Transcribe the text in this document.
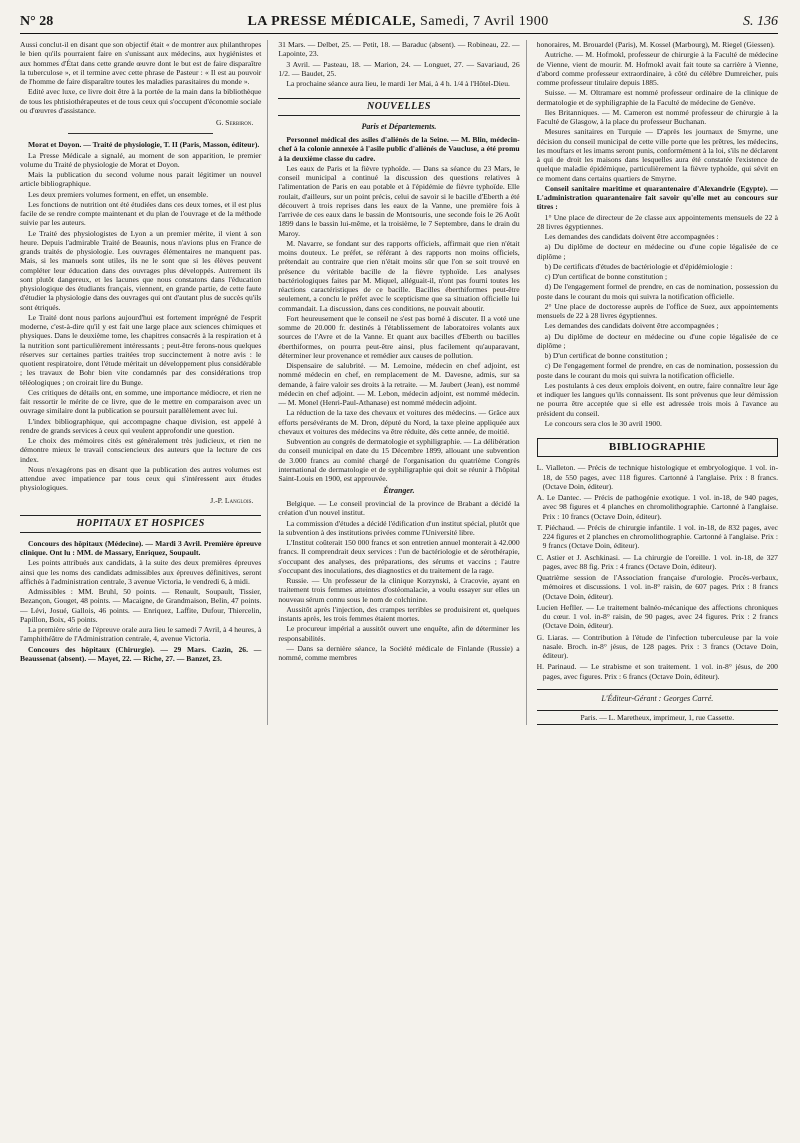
N° 28	LA PRESSE MÉDICALE, Samedi, 7 Avril 1900	S. 136

Aussi conclut-il en disant que son objectif était « de montrer aux philanthropes le bien qu'ils pourraient faire en s'unissant aux médecins, aux hygiénistes et aux hommes d'État dans cette grande œuvre dont le but est de faire disparaître la tuberculose », et il termine avec cette phrase de Pasteur : « Il est au pouvoir de l'homme de faire disparaître toutes les maladies parasitaires du monde ».

Edité avec luxe, ce livre doit être à la portée de la main dans la bibliothèque de tous les phtisiothérapeutes et de tous ceux qui s'occupent d'économie sociale ou d'œuvres d'assistance.

G. Serbiron.

Morat et Doyon. — Traité de physiologie, T. II (Paris, Masson, éditeur).

La Presse Médicale a signalé, au moment de son apparition, le premier volume du Traité de physiologie de Morat et Doyon.

Mais la publication du second volume nous parait légitimer un nouvel article bibliographique.

Les deux premiers volumes forment, en effet, un ensemble.

Les fonctions de nutrition ont été étudiées dans ces deux tomes, et il est plus facile de se rendre compte maintenant et du plan de l'ouvrage et de la méthode suivie par les auteurs.

Le Traité des physiologistes de Lyon a un premier mérite, il vient à son heure. Depuis l'admirable Traité de Beaunis, nous n'avions plus en France de grands traités de physiologie. Les ouvrages élémentaires ne manquent pas. Mais, si les manuels sont utiles, ils ne le sont que si les élèves peuvent compléter leur éducation dans des ouvrages plus développés. Autrement ils sont plutôt dangereux, et les lacunes que nous constatons dans l'éducation physiologique des étudiants français, viennent, en grande partie, de cette faute d'étudier la physiologie dans des ouvrages qui ont d'autant plus de succès qu'ils sont étriqués.

Le Traité dont nous parlons aujourd'hui est fortement imprégné de l'esprit moderne, c'est-à-dire qu'il y est fait une large place aux sciences chimiques et physiques. Dans le deuxième tome, les chapitres consacrés à la respiration et à la nutrition sont particulièrement intéressants ; peut-être ferons-nous quelques réserves sur certaines parties traitées trop succinctement à notre avis : le quotient respiratoire, dont l'étude méritait un développement plus considérable ; les travaux de Bohr bien vite condamnés par des considérations trop téléologiques ; on croirait lire du Bunge.

Ces critiques de détails ont, en somme, une importance médiocre, et rien ne fait ressortir le mérite de ce livre, que de le mettre en comparaison avec un ouvrage similaire dont la publication se poursuit parallèlement avec lui.

L'index bibliographique, qui accompagne chaque division, est appelé à rendre de grands services à ceux qui veulent approfondir une question.

Le choix des mémoires cités est généralement très judicieux, et rien ne démontre mieux le travail consciencieux des auteurs que la lecture de ces index.

Nous n'exagérons pas en disant que la publication des autres volumes est attendue avec impatience par tous ceux qui s'intéressent aux études physiologiques.

J.-P. Langlois.
HOPITAUX ET HOSPICES

Concours des hôpitaux (Médecine). — Mardi 3 Avril. Première épreuve clinique. Ont lu : MM. de Massary, Enriquez, Soupault.

Les points attribués aux candidats, à la suite des deux premières épreuves ainsi que les noms des candidats admissibles aux épreuves définitives, seront affichés à l'administration centrale, 3 avenue Victoria, le vendredi 6, à midi.

Admissibles : MM. Bruhl, 50 points. — Renault, Soupault, Tissier, Bezançon, Gouget, 48 points. — Macaigne, de Grandmaison, Belin, 47 points. — Lévi, Josué, Gallois, 46 points. — Enriquez, Laffite, Dufour, Thiercelin, Papillon, Boix, 45 points.

La première série de l'épreuve orale aura lieu le samedi 7 Avril, à 4 heures, à l'amphithéâtre de l'Administration centrale, 4, avenue Victoria.

Concours des hôpitaux (Chirurgie). — 29 Mars. Cazin, 26. — Beaussenat (absent). — Mayet, 22. — Riche, 27. — Banzet, 23.

31 Mars. — Delbet, 25. — Petit, 18. — Baraduc (absent). — Robineau, 22. — Lapointe, 23.

3 Avril. — Pasteau, 18. — Marion, 24. — Longuet, 27. — Savariaud, 26 1/2. — Baudet, 25.

La prochaine séance aura lieu, le mardi 1er Mai, à 4 h. 1/4 à l'Hôtel-Dieu.

NOUVELLES
Paris et Départements.

Personnel médical des asiles d'aliénés de la Seine. — M. Blin, médecin-chef à la colonie annexée à l'asile public d'aliénés de Vaucluse, a été promu à la deuxième classe du cadre.

Les eaux de Paris et la fièvre typhoïde. — Dans sa séance du 23 Mars, le conseil municipal a continué la discussion des questions relatives à l'alimentation de Paris en eau potable et à l'épidémie de fièvre typhoïde. Elle roulait, d'ailleurs, sur un point précis, celui de savoir si le bacille d'Eberth a été découvert à trois reprises dans les eaux de la Vanne, une première fois à l'arrivée de ces eaux dans le bassin de Montsouris, une seconde fois le 26 Août 1899 dans le bassin lui-même, et la troisième, le 7 Septembre, dans le drain du Maroy.

M. Navarre, se fondant sur des rapports officiels, affirmait que rien n'était moins douteux. Le préfet, se référant à des rapports non moins officiels, prétendait au contraire que rien n'était moins sûr que l'on se soit trouvé en présence du véritable bacille de la fièvre typhoïde. Les analyses bactériologiques faites par M. Miquel, alléguait-il, n'ont pas fourni toutes les réactions caractéristiques de ce bacille. Bacilles éberthiformes peut-être seulement, a conclu le préfet avec le scepticisme que sa situation officielle lui commandait. La discussion, dans ces conditions, ne pouvait aboutir.

Fort heureusement que le conseil ne s'est pas borné à discuter. Il a voté une somme de 20.000 fr. destinés à l'établissement de laboratoires volants aux sources de l'Avre et de la Vanne. Et quant aux bacilles d'Eberth ou bacilles éberthiformes, on pourra peut-être ainsi, plus facilement qu'auparavant, déterminer leur provenance et remédier aux causes de pollution.

Dispensaire de salubrité. — M. Lemoine, médecin en chef adjoint, est nommé médecin en chef, en remplacement de M. Davesne, admis, sur sa demande, à faire valoir ses droits à la retraite. — M. Jaubert (Jean), est nommé médecin en chef adjoint. — M. Lebon, médecin adjoint, est nommé médecin. — M. Monel (Henri-Paul-Athanase) est nommé médecin adjoint.

La réduction de la taxe des chevaux et voitures des médecins. — Grâce aux efforts persévérants de M. Dron, député du Nord, la taxe pleine appliquée aux chevaux et voitures des médecins va être réduite, dès cette année, de moitié.

Subvention au congrès de dermatologie et syphiligraphie. — La délibération du conseil municipal en date du 15 Décembre 1899, allouant une subvention de 3.000 francs au comité chargé de l'organisation du quatrième Congrès international de dermatologie et de syphiligraphie qui doit se réunir à l'hôpital Saint-Louis en 1900, est approuvée.

Étranger.

Belgique. — Le conseil provincial de la province de Brabant a décidé la création d'un nouvel institut.

La commission d'études a décidé l'édification d'un institut spécial, plutôt que la subvention à des institutions privées comme l'Université libre.

L'Institut coûterait 150 000 francs et son entretien annuel monterait à 42.000 francs. Il comprendrait deux services : l'un de bactériologie et de sérothérapie, s'occupant des analyses, des préparations, des sérums et vaccins ; l'autre s'occupant des inoculations, des diagnostics et du traitement de la rage.

Russie. — Un professeur de la clinique Korzynski, à Cracovie, ayant en traitement trois femmes atteintes d'ostéomalacie, a voulu essayer sur elles un nouveau sérum connu sous le nom de colchinine.

Aussitôt après l'injection, des crampes terribles se produisirent et, quelques instants après, les trois femmes étaient mortes.

Le procureur impérial a aussitôt ouvert une enquête, afin de déterminer les responsabilités.

— Dans sa dernière séance, la Société médicale de Finlande (Russie) a nommé, comme membres

honoraires, M. Brouardel (Paris), M. Kossel (Marbourg), M. Riegel (Giessen).

Autriche. — M. Hofmokl, professeur de chirurgie à la Faculté de médecine de Vienne, vient de mourir. M. Hofmokl avait fait toute sa carrière à Vienne, d'abord comme professeur extraordinaire, à côté du célèbre Dumreicher, puis comme professeur titulaire depuis 1885.

Suisse. — M. Oltramare est nommé professeur ordinaire de la clinique de dermatologie et de syphiligraphie de la Faculté de médecine de Genève.

Iles Britanniques. — M. Cameron est nommé professeur de chirurgie à la Faculté de Glasgow, à la place du professeur Buchanan.

Mesures sanitaires en Turquie — D'après les journaux de Smyrne, une décision du conseil municipal de cette ville porte que les prêtres, les médecins, les mouftars et les imams seront punis, conformément à la loi, s'ils ne déclarent à qui de droit les maisons dans lesquelles aura été constatée l'existence de quelque maladie épidémique, particulièrement la fièvre typhoïde, qui sévit en ce moment dans certains quartiers de Smyrne.

Conseil sanitaire maritime et quarantenaire d'Alexandrie (Egypte). — L'administration quarantenaire fait savoir qu'elle met au concours sur titres :

1° Une place de directeur de 2e classe aux appointements mensuels de 22 à 28 livres égyptiennes.

Les demandes des candidats doivent être accompagnées :

a) Du diplôme de docteur en médecine ou d'une copie légalisée de ce diplôme ;

b) De certificats d'études de bactériologie et d'épidémiologie :

c) D'un certificat de bonne constitution ;

d) De l'engagement formel de prendre, en cas de nomination, possession du poste dans le courant du mois qui suivra la notification officielle.

2° Une place de doctoresse auprès de l'office de Suez, aux appointements mensuels de 22 à 28 livres égyptiennes.

Les demandes des candidats doivent être accompagnées ;

a) Du diplôme de docteur en médecine ou d'une copie légalisée de ce diplôme ;

b) D'un certificat de bonne constitution ;

c) De l'engagement formel de prendre, en cas de nomination, possession du poste dans le courant du mois qui suivra la notification officielle.

Les postulants à ces deux emplois doivent, en outre, faire connaître leur âge et indiquer les langues qu'ils connaissent. Ils sont prévenus que leur démission ne pourra être acceptée que si elle est adressée trois mois à l'avance au président du conseil.

Le concours sera clos le 30 avril 1900.

BIBLIOGRAPHIE

L. Vialleton. — Précis de technique histologique et embryologique. 1 vol. in-18, de 550 pages, avec 118 figures. Cartonné à l'anglaise. Prix : 8 francs. (Octave Doin, éditeur).

A. Le Dantec. — Précis de pathogénie exotique. 1 vol. in-18, de 940 pages, avec 98 figures et 4 planches en chromolithographie. Cartonné à l'anglaise. Prix : 10 francs (Octave Doin, éditeur).

T. Piéchaud. — Précis de chirurgie infantile. 1 vol. in-18, de 832 pages, avec 224 figures et 2 planches en chromolithographie. Cartonné à l'anglaise. Prix : 9 francs (Octave Doin, éditeur).

C. Astier et J. Aschkinasi. — La chirurgie de l'oreille. 1 vol. in-18, de 327 pages, avec 88 fig. Prix : 4 francs (Octave Doin, éditeur).

Quatrième session de l'Association française d'urologie. Procès-verbaux, mémoires et discussions. 1 vol. in-8° raisin, de 607 pages. Prix : 8 francs (Octave Doin, éditeur).

Lucien Hefller. — Le traitement balnéo-mécanique des affections chroniques du cœur. 1 vol. in-8° raisin, de 90 pages, avec 24 figures. Prix : 2 francs (Octave Doin, éditeur).

G. Liaras. — Contribution à l'étude de l'infection tuberculeuse par la voie nasale. Broch. in-8° jésus, de 128 pages. Prix : 3 francs (Octave Doin, éditeur).

H. Parinaud. — Le strabisme et son traitement. 1 vol. in-8° jésus, de 200 pages, avec figures. Prix : 6 francs (Octave Doin, éditeur).

L'Éditeur-Gérant : Georges Carré.
Paris. — L. Maretheux, imprimeur, 1, rue Cassette.
